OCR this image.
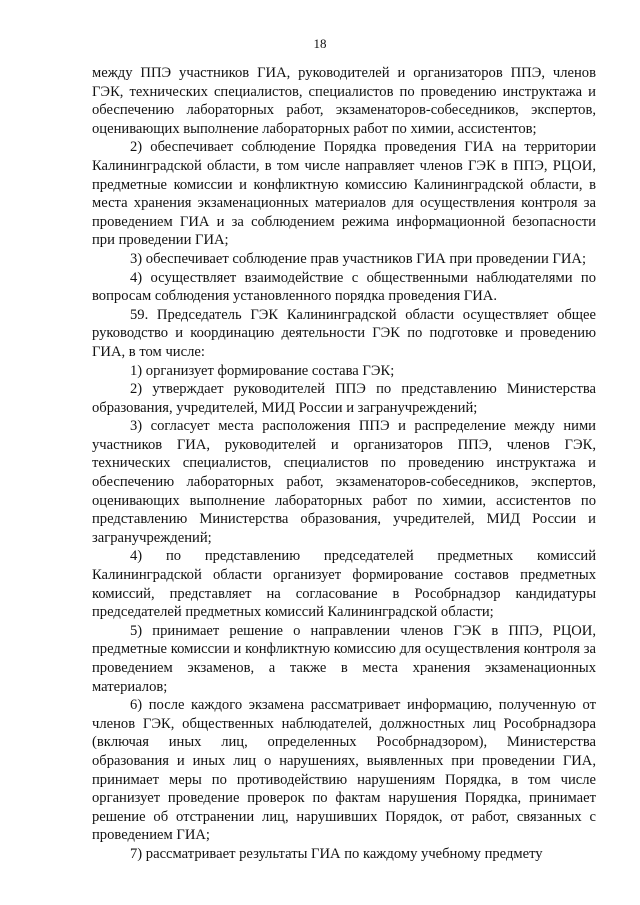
18

между ППЭ участников ГИА, руководителей и организаторов ППЭ, членов ГЭК, технических специалистов, специалистов по проведению инструктажа и обеспечению лабораторных работ, экзаменаторов-собеседников, экспертов, оценивающих выполнение лабораторных работ по химии, ассистентов;

2) обеспечивает соблюдение Порядка проведения ГИА на территории Калининградской области, в том числе направляет членов ГЭК в ППЭ, РЦОИ, предметные комиссии и конфликтную комиссию Калининградской области, в места хранения экзаменационных материалов для осуществления контроля за проведением ГИА и за соблюдением режима информационной безопасности при проведении ГИА;

3) обеспечивает соблюдение прав участников ГИА при проведении ГИА;

4) осуществляет взаимодействие с общественными наблюдателями по вопросам соблюдения установленного порядка проведения ГИА.

59. Председатель ГЭК Калининградской области осуществляет общее руководство и координацию деятельности ГЭК по подготовке и проведению ГИА, в том числе:

1) организует формирование состава ГЭК;

2) утверждает руководителей ППЭ по представлению Министерства образования, учредителей, МИД России и загранучреждений;

3) согласует места расположения ППЭ и распределение между ними участников ГИА, руководителей и организаторов ППЭ, членов ГЭК, технических специалистов, специалистов по проведению инструктажа и обеспечению лабораторных работ, экзаменаторов-собеседников, экспертов, оценивающих выполнение лабораторных работ по химии, ассистентов по представлению Министерства образования, учредителей, МИД России и загранучреждений;

4) по представлению председателей предметных комиссий Калининградской области организует формирование составов предметных комиссий, представляет на согласование в Рособрнадзор кандидатуры председателей предметных комиссий Калининградской области;

5) принимает решение о направлении членов ГЭК в ППЭ, РЦОИ, предметные комиссии и конфликтную комиссию для осуществления контроля за проведением экзаменов, а также в места хранения экзаменационных материалов;

6) после каждого экзамена рассматривает информацию, полученную от членов ГЭК, общественных наблюдателей, должностных лиц Рособрнадзора (включая иных лиц, определенных Рособрнадзором), Министерства образования и иных лиц о нарушениях, выявленных при проведении ГИА, принимает меры по противодействию нарушениям Порядка, в том числе организует проведение проверок по фактам нарушения Порядка, принимает решение об отстранении лиц, нарушивших Порядок, от работ, связанных с проведением ГИА;

7) рассматривает результаты ГИА по каждому учебному предмету
